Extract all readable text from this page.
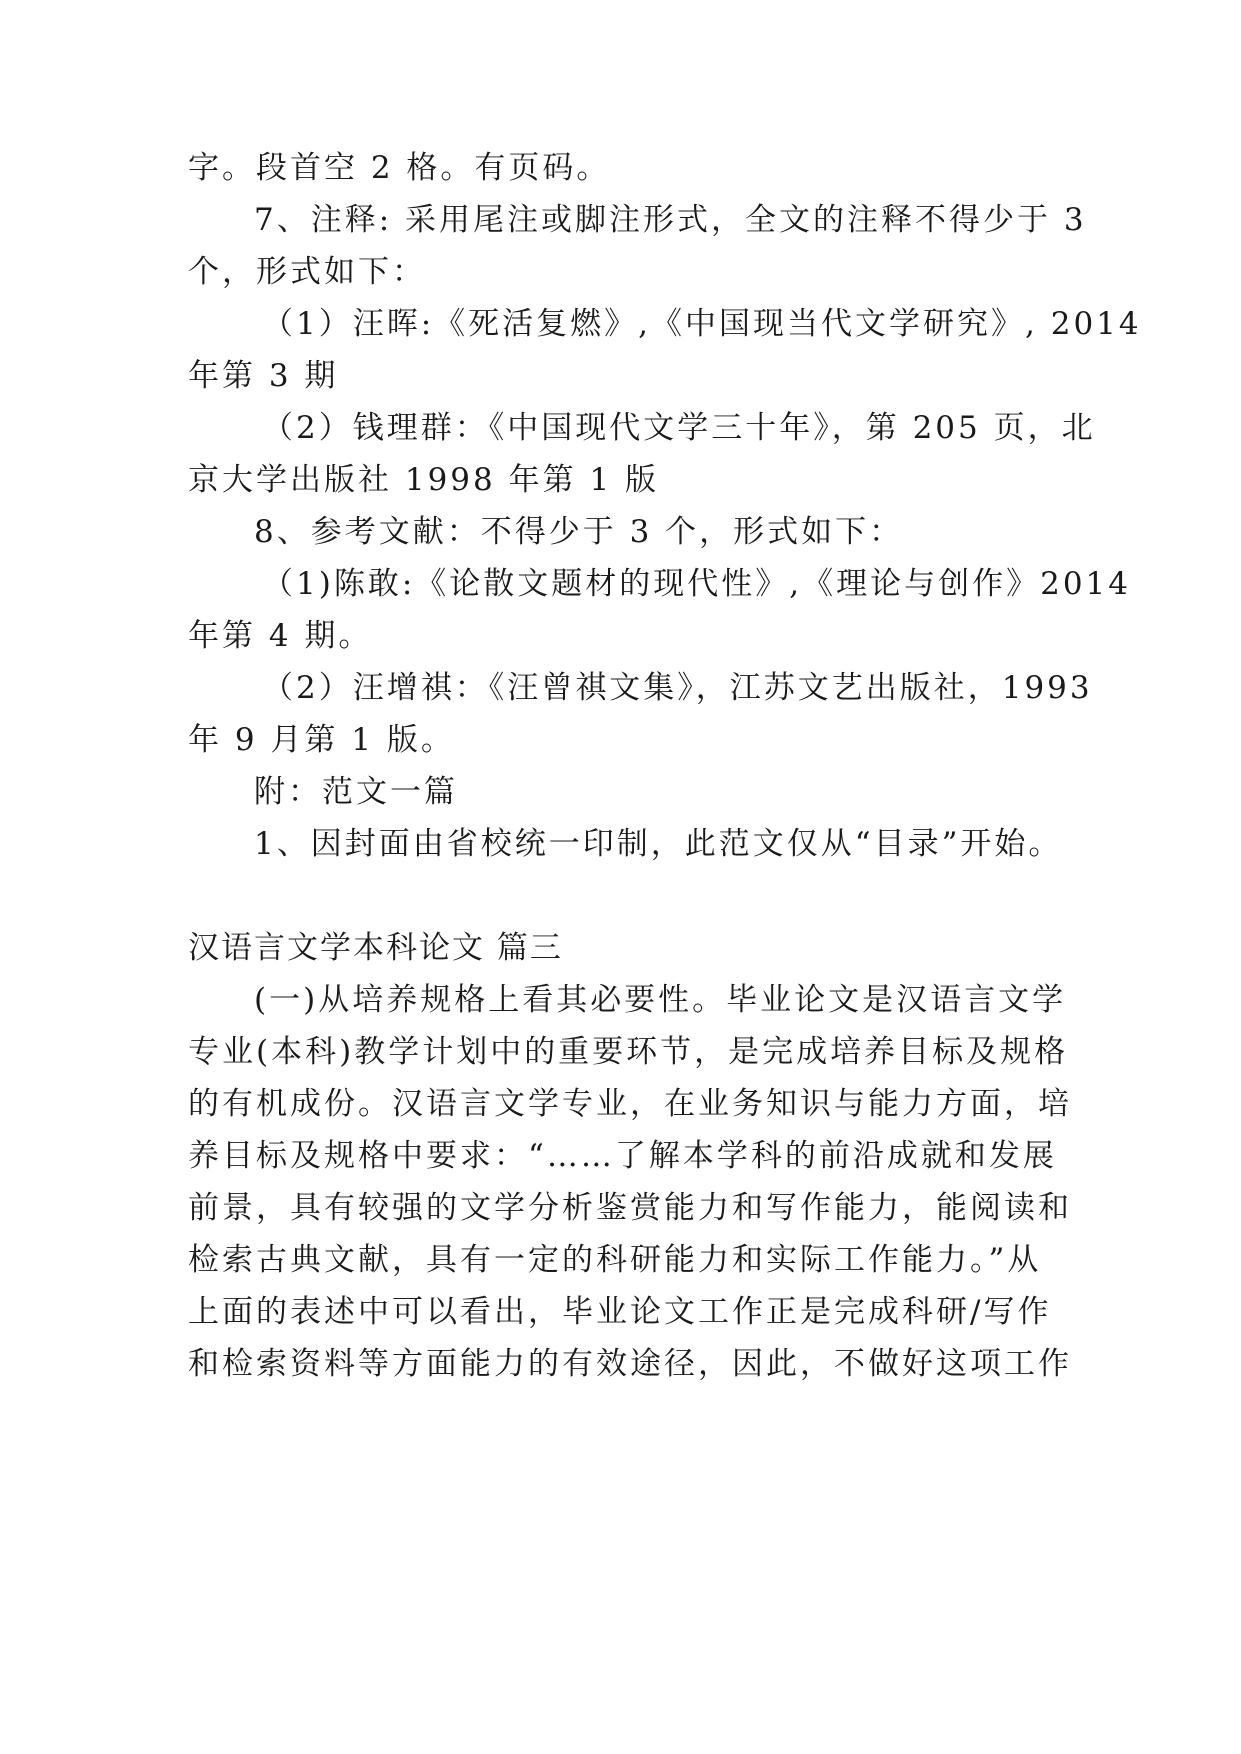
字。段首空 2 格。有页码。
7、注释: 采用尾注或脚注形式，全文的注释不得少于 3
个，形式如下：
（1）汪晖:《死活复燃》,《中国现当代文学研究》, 2014
年第 3 期
（2）钱理群：《中国现代文学三十年》，第 205 页，北
京大学出版社 1998 年第 1 版
8、参考文献：不得少于 3 个，形式如下：
（1)陈敢:《论散文题材的现代性》,《理论与创作》2014
年第 4 期。
（2）汪增祺：《汪曾祺文集》，江苏文艺出版社，1993
年 9 月第 1 版。
附：范文一篇
1、因封面由省校统一印制，此范文仅从“目录”开始。
汉语言文学本科论文 篇三
(一)从培养规格上看其必要性。毕业论文是汉语言文学
专业(本科)教学计划中的重要环节，是完成培养目标及规格
的有机成份。汉语言文学专业，在业务知识与能力方面，培
养目标及规格中要求：“……了解本学科的前沿成就和发展
前景，具有较强的文学分析鉴赏能力和写作能力，能阅读和
检索古典文献，具有一定的科研能力和实际工作能力。”从
上面的表述中可以看出，毕业论文工作正是完成科研/写作
和检索资料等方面能力的有效途径，因此，不做好这项工作
